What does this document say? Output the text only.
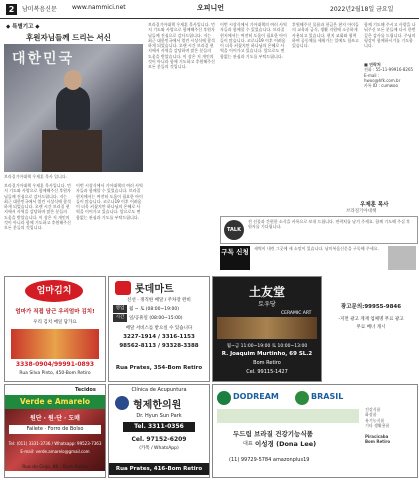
2	남미복음신문	www.nammici.net	오피니언	2022년2월18일 금요일
◆ 특별기고 ◆
후원자님들께 드리는 서신
대한민국
브라질기아대책 우제훈 목사 입니다.
브라질기아대책 우제훈 목사입니다. 먼저 기도와 사랑으로 함께해주신 후원자님들께 진심으로 감사드립니다. 저는 최근 대한민국에서 열린 시상식에 참석하게 되었습니다. 오랜 시간 브라질 현지에서 사역을 감당하며 많은 분들의 도움을 받았습니다. 이 상은 저 개인의 것이 아니라 함께 기도하고 후원해주신 모든 분들의 것입니다.
이번 시상식에서 기아대책의 여러 사역자들과 함께할 수 있었습니다. 브라질 현지에서는 여전히 도움이 필요한 아이들이 많습니다. 코로나19 이후 어려움이 더욱 커졌지만 하나님의 은혜로 사역을 이어가고 있습니다. 앞으로도 변함없는 관심과 기도를 부탁드립니다.
브라질기아대책 우제훈 목사입니다. 먼저 기도와 사랑으로 함께해주신 후원자님들께 진심으로 감사드립니다. 저는 최근 대한민국에서 열린 시상식에 참석하게 되었습니다. 오랜 시간 브라질 현지에서 사역을 감당하며 많은 분들의 도움을 받았습니다. 이 상은 저 개인의 것이 아니라 함께 기도하고 후원해주신 모든 분들의 것입니다.
이번 시상식에서 기아대책의 여러 사역자들과 함께할 수 있었습니다. 브라질 현지에서는 여전히 도움이 필요한 아이들이 많습니다. 코로나19 이후 어려움이 더욱 커졌지만 하나님의 은혜로 사역을 이어가고 있습니다. 앞으로도 변함없는 관심과 기도를 부탁드립니다.
후원해주신 물품과 헌금은 현지 아이들의 교육과 급식, 생활 지원에 소중하게 사용되고 있습니다. 현지 교회와 협력하여 공동체를 세워가는 일에도 힘쓰고 있습니다.
함께 기도해 주시고 사랑을 나눠주신 모든 분들께 다시 한번 깊은 감사를 드립니다. 주님의 평강이 함께하시기를 기도합니다.
■ 연락처
전화 : 55-11-99916-8265
E-mail : hwoo@hfk.com.br
카톡 ID : cumwoo
우제훈 목사
브라질기아대책
TALK
전 선물과 간편한 소식을 카톡으로 보내 드립니다. 연락처를 남겨 주세요. 함께 기도해 주실 후원자를 기다립니다.
구독 신청	새벽이 내린 그곳에 새 소망이 있습니다. 남미복음신문을 구독해 주세요.
엄마김치
엄마가 직접 담근 우리엄마 김치!
우리 김치 매일 담가요
3338-0904/99991-0893
Rua Silva Pinto, 450-Bom Retiro
롯데마트
신선 · 정직한 배달 / 주차장 완비
영업	월 ~ 토 (08:00~19:00)
시간	일/공휴일 (08:00~15:00)
배달 서비스를 받으실 수 있습니다
3227-1914 / 3316-1153
98562-8113 / 93328-3388
Rua Prates, 354-Bom Retiro
土友堂
토우당
CERAMIC ART
월~금 11:00~19:00 토 10:00~13:00
R. Joaquim Murtinho, 69 SL.2
Bom Retiro
Cel. 99115-1427
광고문의:99955-9846
-지면 광고 게재 업체명 무료 광고
무료 배너 게시
Tecidos
Verde e Amarelo
원단 · 원·단 · 도매
Failete · Forro de Bolso
Tel: (011) 3331-3736 / Whatsapp: 99523-7363
E-mail: verde.amarelo@gmail.com
Rua do Grijo, 86 - Bom Retiro
Clínica de Acupuntura
형제한의원
Dr. Hyun Sun Park
Tel. 3311-0356
Cel. 97152-6209
(카톡 / WhatsApp)
Rua Prates, 416-Bom Retiro
DODREAM	BRASIL
두드림 브라질 건강기능식품
대표 이성경 (Dona Lee)
(11) 99729-5784 amazonplus19
건강식품
화장품
유기농식품
기타 생활용품
Piracicaba
Bom Retiro
